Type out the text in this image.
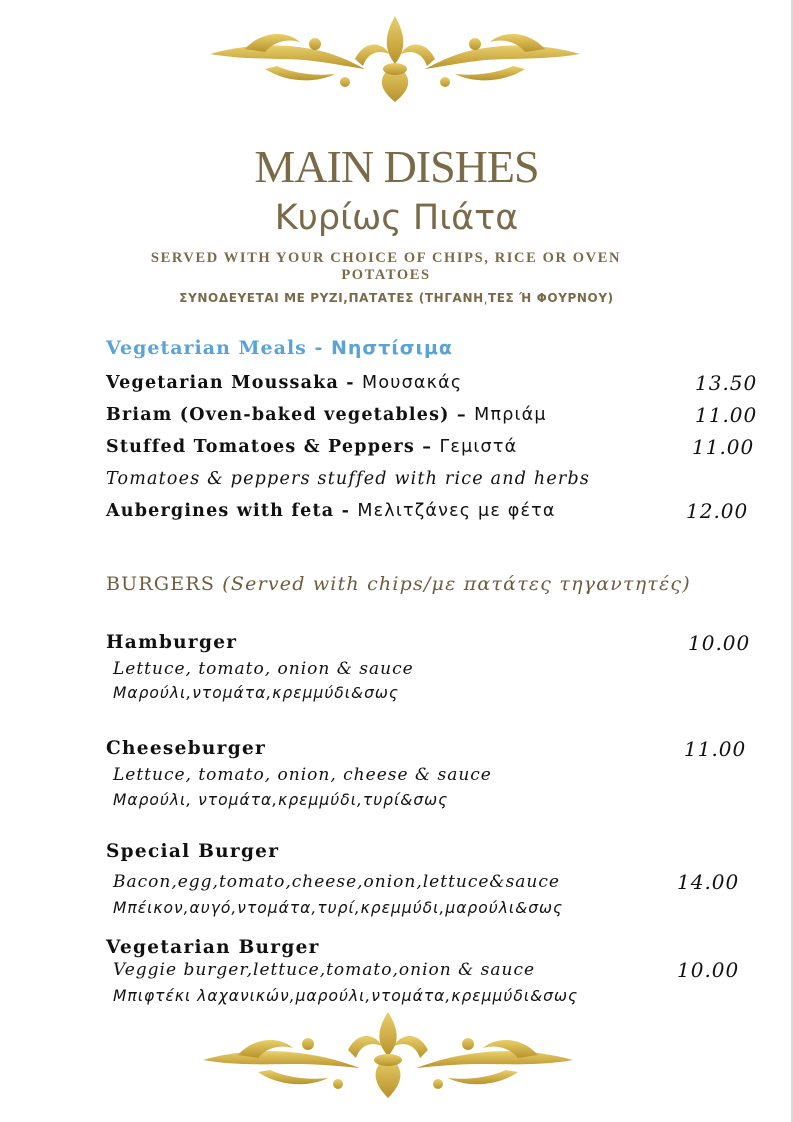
MAIN DISHES
Κυρίως Πιάτα
SERVED WITH YOUR CHOICE OF CHIPS, RICE OR OVEN POTATOES
ΣΥΝΟΔΕΥΕΤΑΙ ΜΕ ΡΥΖΙ,ΠΑΤΑΤΕΣ (ΤΗΓΑΝΗ͵ΤΕΣ Ή ΦΟΥΡΝΟΥ)
Vegetarian Meals - Νηστίσιμα
Vegetarian Moussaka - Μουσακάς	13.50
Briam (Oven-baked vegetables) – Μπριάμ	11.00
Stuffed Tomatoes & Peppers – Γεμιστά	11.00
Tomatoes & peppers stuffed with rice and herbs
Aubergines with feta - Μελιτζάνες με φέτα	12.00
BURGERS (Served with chips/με πατάτες τηγαντητές)
Hamburger	10.00
Lettuce, tomato, onion & sauce
Μαρούλι,ντομάτα,κρεμμύδι&σως
Cheeseburger	11.00
Lettuce, tomato, onion, cheese & sauce
Μαρούλι, ντομάτα,κρεμμύδι,τυρί&σως
Special Burger
Bacon,egg,tomato,cheese,onion,lettuce&sauce	14.00
Μπέικον,αυγό,ντομάτα,τυρί,κρεμμύδι,μαρούλι&σως
Vegetarian Burger
Veggie burger,lettuce,tomato,onion & sauce	10.00
Μπιφτέκι λαχανικών,μαρούλι,ντομάτα,κρεμμύδι&σως
